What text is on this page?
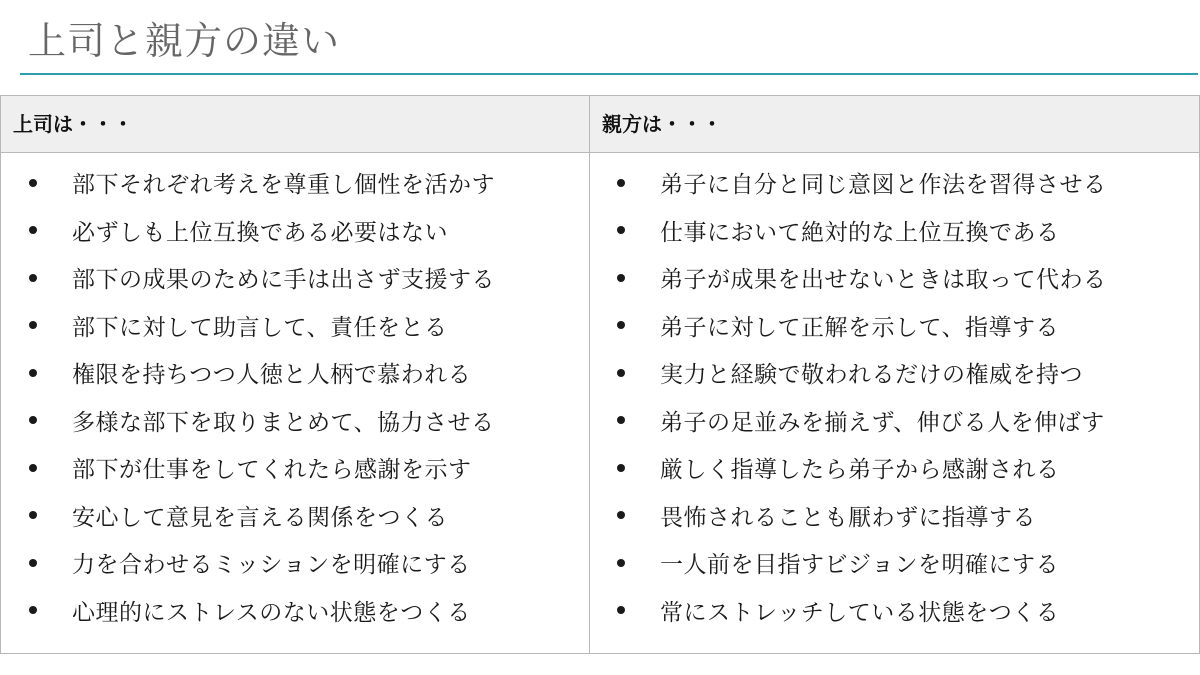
上司と親方の違い
上司は・・・	親方は・・・
部下それぞれ考えを尊重し個性を活かす
必ずしも上位互換である必要はない
部下の成果のために手は出さず支援する
部下に対して助言して、責任をとる
権限を持ちつつ人徳と人柄で慕われる
多様な部下を取りまとめて、協力させる
部下が仕事をしてくれたら感謝を示す
安心して意見を言える関係をつくる
力を合わせるミッションを明確にする
心理的にストレスのない状態をつくる
弟子に自分と同じ意図と作法を習得させる
仕事において絶対的な上位互換である
弟子が成果を出せないときは取って代わる
弟子に対して正解を示して、指導する
実力と経験で敬われるだけの権威を持つ
弟子の足並みを揃えず、伸びる人を伸ばす
厳しく指導したら弟子から感謝される
畏怖されることも厭わずに指導する
一人前を目指すビジョンを明確にする
常にストレッチしている状態をつくる
